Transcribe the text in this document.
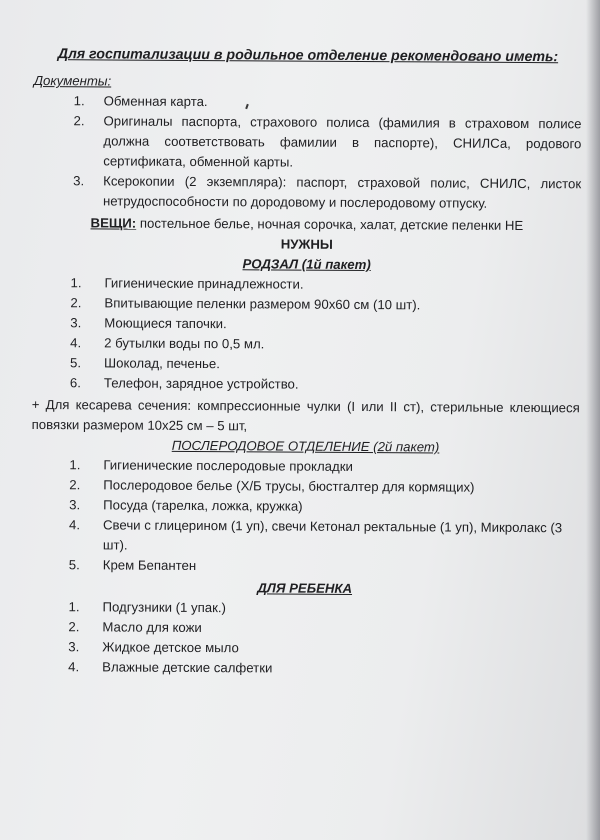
Для госпитализации в родильное отделение рекомендовано иметь:

Документы:

1.	Обменная карта.
2.	Оригиналы паспорта, страхового полиса (фамилия в страховом полисе должна соответствовать фамилии в паспорте), СНИЛСа, родового сертификата, обменной карты.
3.	Ксерокопии (2 экземпляра): паспорт, страховой полис, СНИЛС, листок нетрудоспособности по дородовому и послеродовому отпуску.

ВЕЩИ: постельное белье, ночная сорочка, халат, детские пеленки НЕ
НУЖНЫ

РОДЗАЛ (1й пакет)

1.	Гигиенические принадлежности.
2.	Впитывающие пеленки размером 90х60 см (10 шт).
3.	Моющиеся тапочки.
4.	2 бутылки воды по 0,5 мл.
5.	Шоколад, печенье.
6.	Телефон, зарядное устройство.

+ Для кесарева сечения: компрессионные чулки (I или II ст), стерильные клеющиеся повязки размером 10х25 см – 5 шт,

ПОСЛЕРОДОВОЕ ОТДЕЛЕНИЕ (2й пакет)

1.	Гигиенические послеродовые прокладки
2.	Послеродовое белье (Х/Б трусы, бюстгалтер для кормящих)
3.	Посуда (тарелка, ложка, кружка)
4.	Свечи с глицерином (1 уп), свечи Кетонал ректальные (1 уп), Микролакс (3 шт).
5.	Крем Бепантен

ДЛЯ РЕБЕНКА

1.	Подгузники (1 упак.)
2.	Масло для кожи
3.	Жидкое детское мыло
4.	Влажные детские салфетки
